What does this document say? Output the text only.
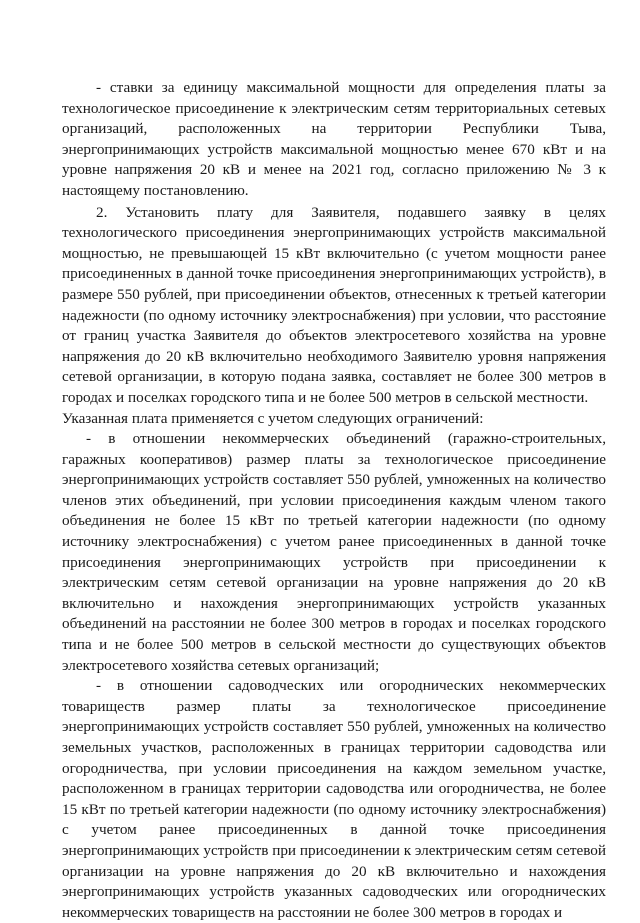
- ставки за единицу максимальной мощности для определения платы за технологическое присоединение к электрическим сетям территориальных сетевых организаций, расположенных на территории Республики Тыва, энергопринимающих устройств максимальной мощностью менее 670 кВт и на уровне напряжения 20 кВ и менее на 2021 год, согласно приложению № 3 к настоящему постановлению.

2. Установить плату для Заявителя, подавшего заявку в целях технологического присоединения энергопринимающих устройств максимальной мощностью, не превышающей 15 кВт включительно (с учетом мощности ранее присоединенных в данной точке присоединения энергопринимающих устройств), в размере 550 рублей, при присоединении объектов, отнесенных к третьей категории надежности (по одному источнику электроснабжения) при условии, что расстояние от границ участка Заявителя до объектов электросетевого хозяйства на уровне напряжения до 20 кВ включительно необходимого Заявителю уровня напряжения сетевой организации, в которую подана заявка, составляет не более 300 метров в городах и поселках городского типа и не более 500 метров в сельской местности.

Указанная плата применяется с учетом следующих ограничений:

- в отношении некоммерческих объединений (гаражно-строительных, гаражных кооперативов) размер платы за технологическое присоединение энергопринимающих устройств составляет 550 рублей, умноженных на количество членов этих объединений, при условии присоединения каждым членом такого объединения не более 15 кВт по третьей категории надежности (по одному источнику электроснабжения) с учетом ранее присоединенных в данной точке присоединения энергопринимающих устройств при присоединении к электрическим сетям сетевой организации на уровне напряжения до 20 кВ включительно и нахождения энергопринимающих устройств указанных объединений на расстоянии не более 300 метров в городах и поселках городского типа и не более 500 метров в сельской местности до существующих объектов электросетевого хозяйства сетевых организаций;

- в отношении садоводческих или огороднических некоммерческих товариществ размер платы за технологическое присоединение энергопринимающих устройств составляет 550 рублей, умноженных на количество земельных участков, расположенных в границах территории садоводства или огородничества, при условии присоединения на каждом земельном участке, расположенном в границах территории садоводства или огородничества, не более 15 кВт по третьей категории надежности (по одному источнику электроснабжения) с учетом ранее присоединенных в данной точке присоединения энергопринимающих устройств при присоединении к электрическим сетям сетевой организации на уровне напряжения до 20 кВ включительно и нахождения энергопринимающих устройств указанных садоводческих или огороднических некоммерческих товариществ на расстоянии не более 300 метров в городах и
